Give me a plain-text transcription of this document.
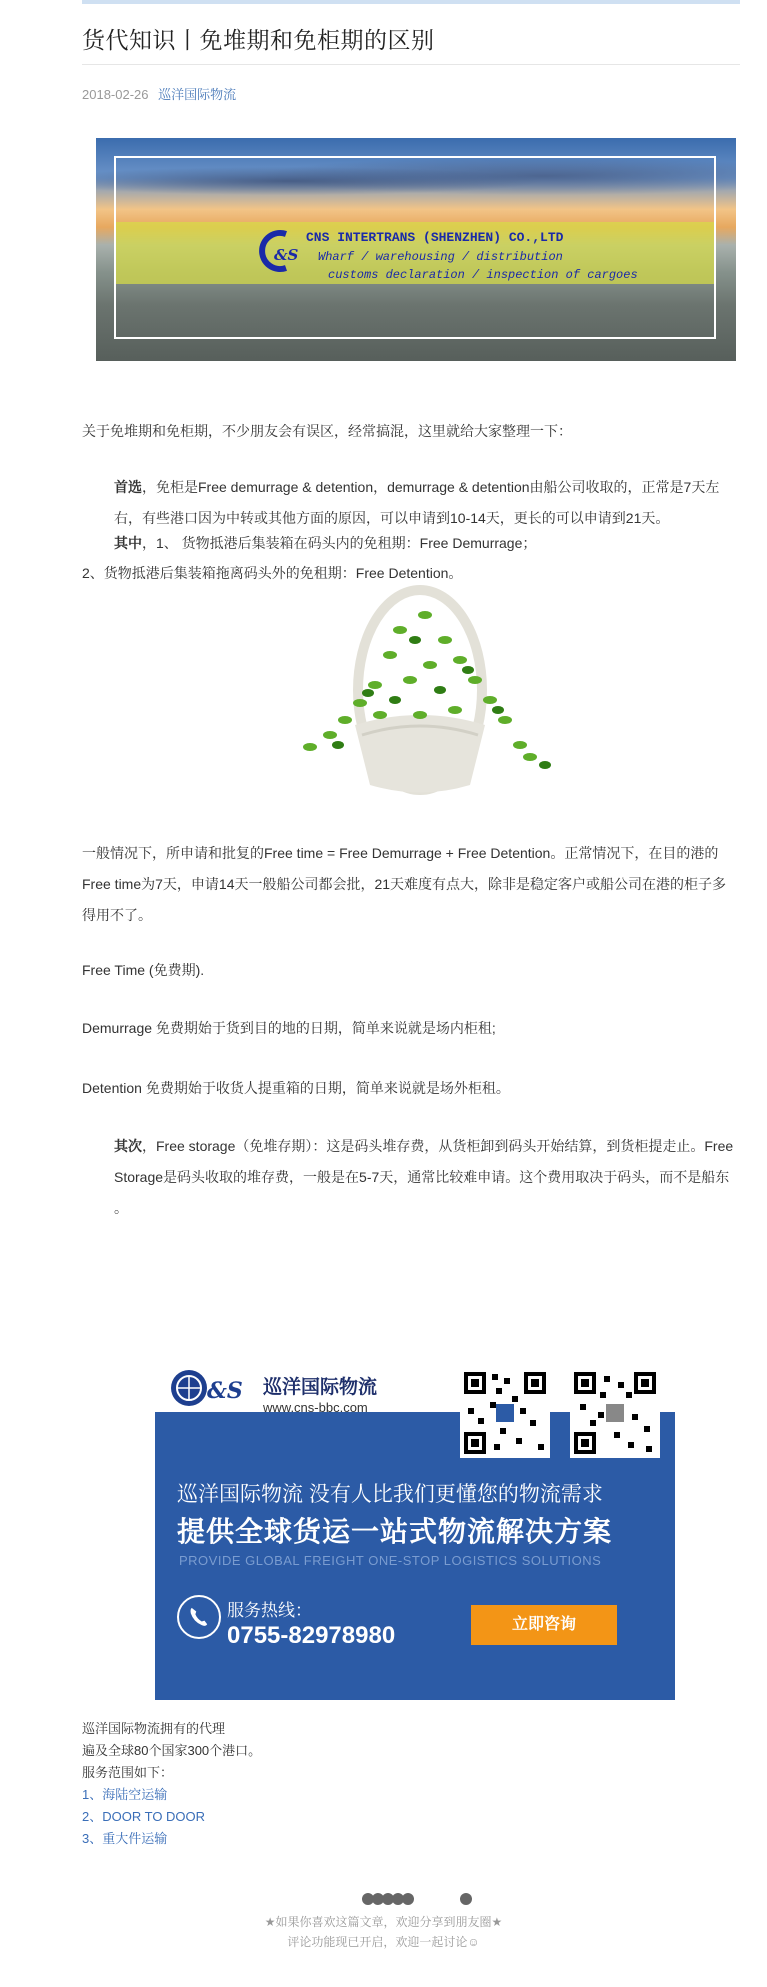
货代知识丨免堆期和免柜期的区别
2018-02-26 巡洋国际物流
&S
CNS INTERTRANS (SHENZHEN) CO.,LTD
Wharf / warehousing / distribution
customs declaration / inspection of cargoes

关于免堆期和免柜期，不少朋友会有误区，经常搞混，这里就给大家整理一下：

首选，免柜是Free demurrage & detention，demurrage & detention由船公司收取的，正常是7天左右，有些港口因为中转或其他方面的原因，可以申请到10-14天，更长的可以申请到21天。

其中，1、 货物抵港后集装箱在码头内的免租期：Free Demurrage；

2、货物抵港后集装箱拖离码头外的免租期：Free Detention。

一般情况下，所申请和批复的Free time = Free Demurrage + Free Detention。正常情况下，在目的港的Free time为7天，申请14天一般船公司都会批，21天难度有点大，除非是稳定客户或船公司在港的柜子多得用不了。

Free Time (免费期).

Demurrage 免费期始于货到目的地的日期，简单来说就是场内柜租;

Detention 免费期始于收货人提重箱的日期，简单来说就是场外柜租。

其次，Free storage（免堆存期）：这是码头堆存费，从货柜卸到码头开始结算，到货柜提走止。Free Storage是码头收取的堆存费，一般是在5-7天，通常比较难申请。这个费用取决于码头，而不是船东 。

&S 巡洋国际物流
www.cns-bbc.com
巡洋国际物流 没有人比我们更懂您的物流需求
提供全球货运一站式物流解决方案
PROVIDE GLOBAL FREIGHT ONE-STOP LOGISTICS SOLUTIONS
服务热线：
0755-82978980	立即咨询
巡洋国际物流拥有的代理
遍及全球80个国家300个港口。
服务范围如下：
1、海陆空运输
2、DOOR TO DOOR
3、重大件运输
★如果你喜欢这篇文章，欢迎分享到朋友圈★
评论功能现已开启，欢迎一起讨论☺
